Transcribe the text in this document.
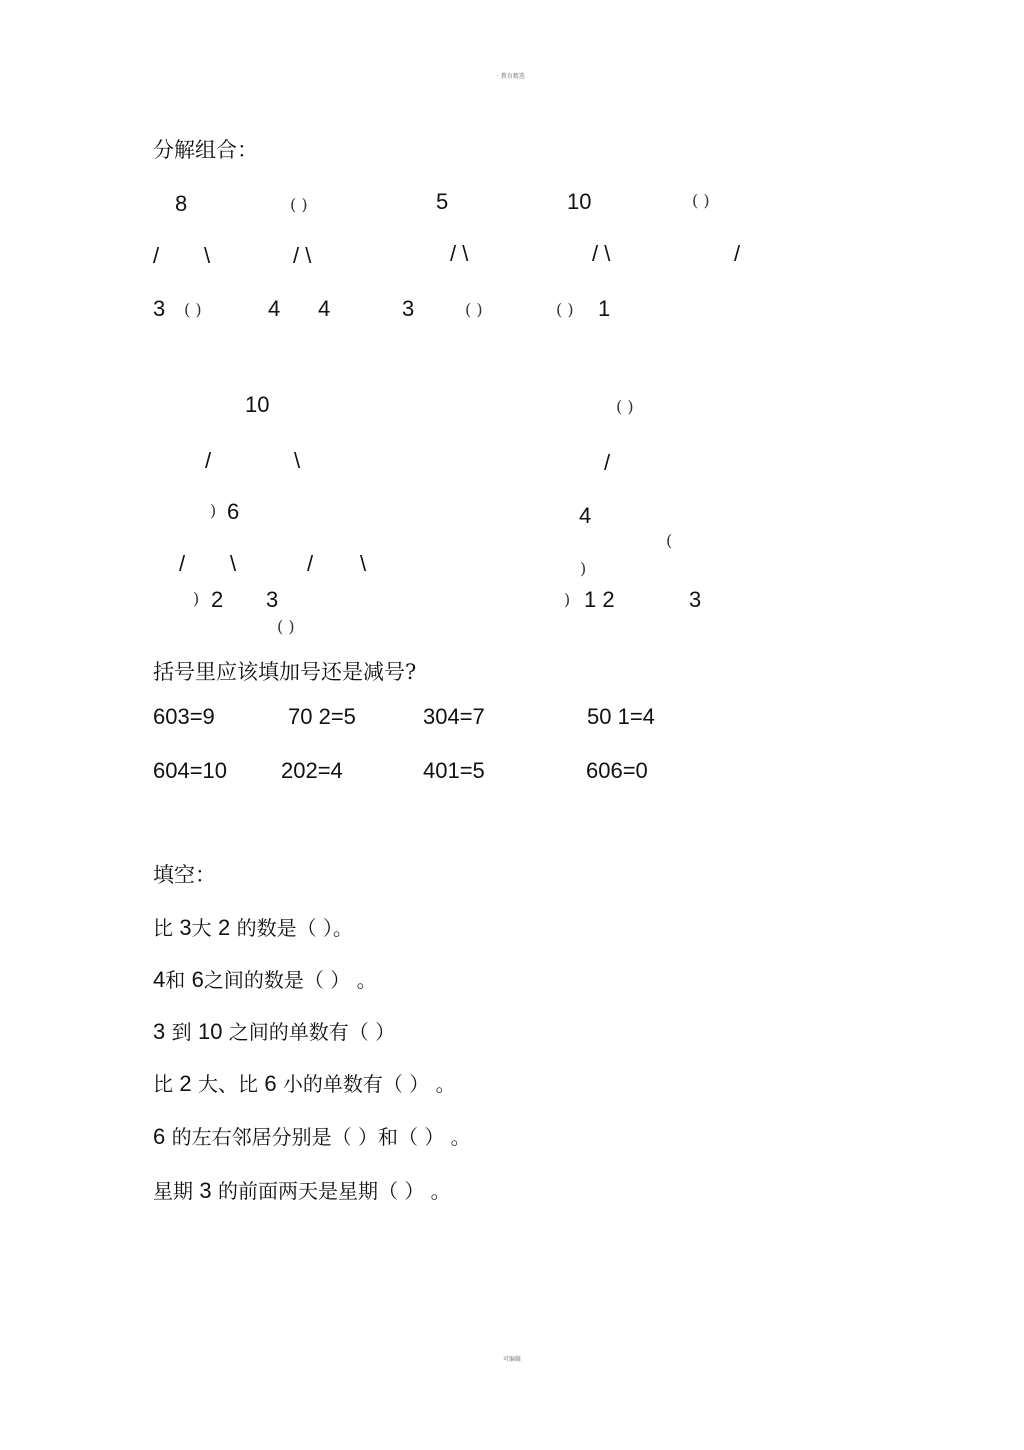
· 教育精选
可编辑
分解组合：
8
/ \
3 ( )
( )
/ \
4 4
5
/ \
3	( )
10
/ \
( ) 1
( )
/
10
/	\
) 6
/ \	/ \
) 2 3
( )
( )
/
4
(
)
) 1 2	3
括号里应该填加号还是减号?
603=9	70 2=5	304=7	50 1=4
604=10 202=4	401=5	606=0
填空：
比 3大 2 的数是（ ）。
4和 6之间的数是（ ） 。
3 到 10 之间的单数有（ ）
比 2 大、比 6 小的单数有（ ） 。
6 的左右邻居分别是（ ）和（ ） 。
星期 3 的前面两天是星期（ ） 。
